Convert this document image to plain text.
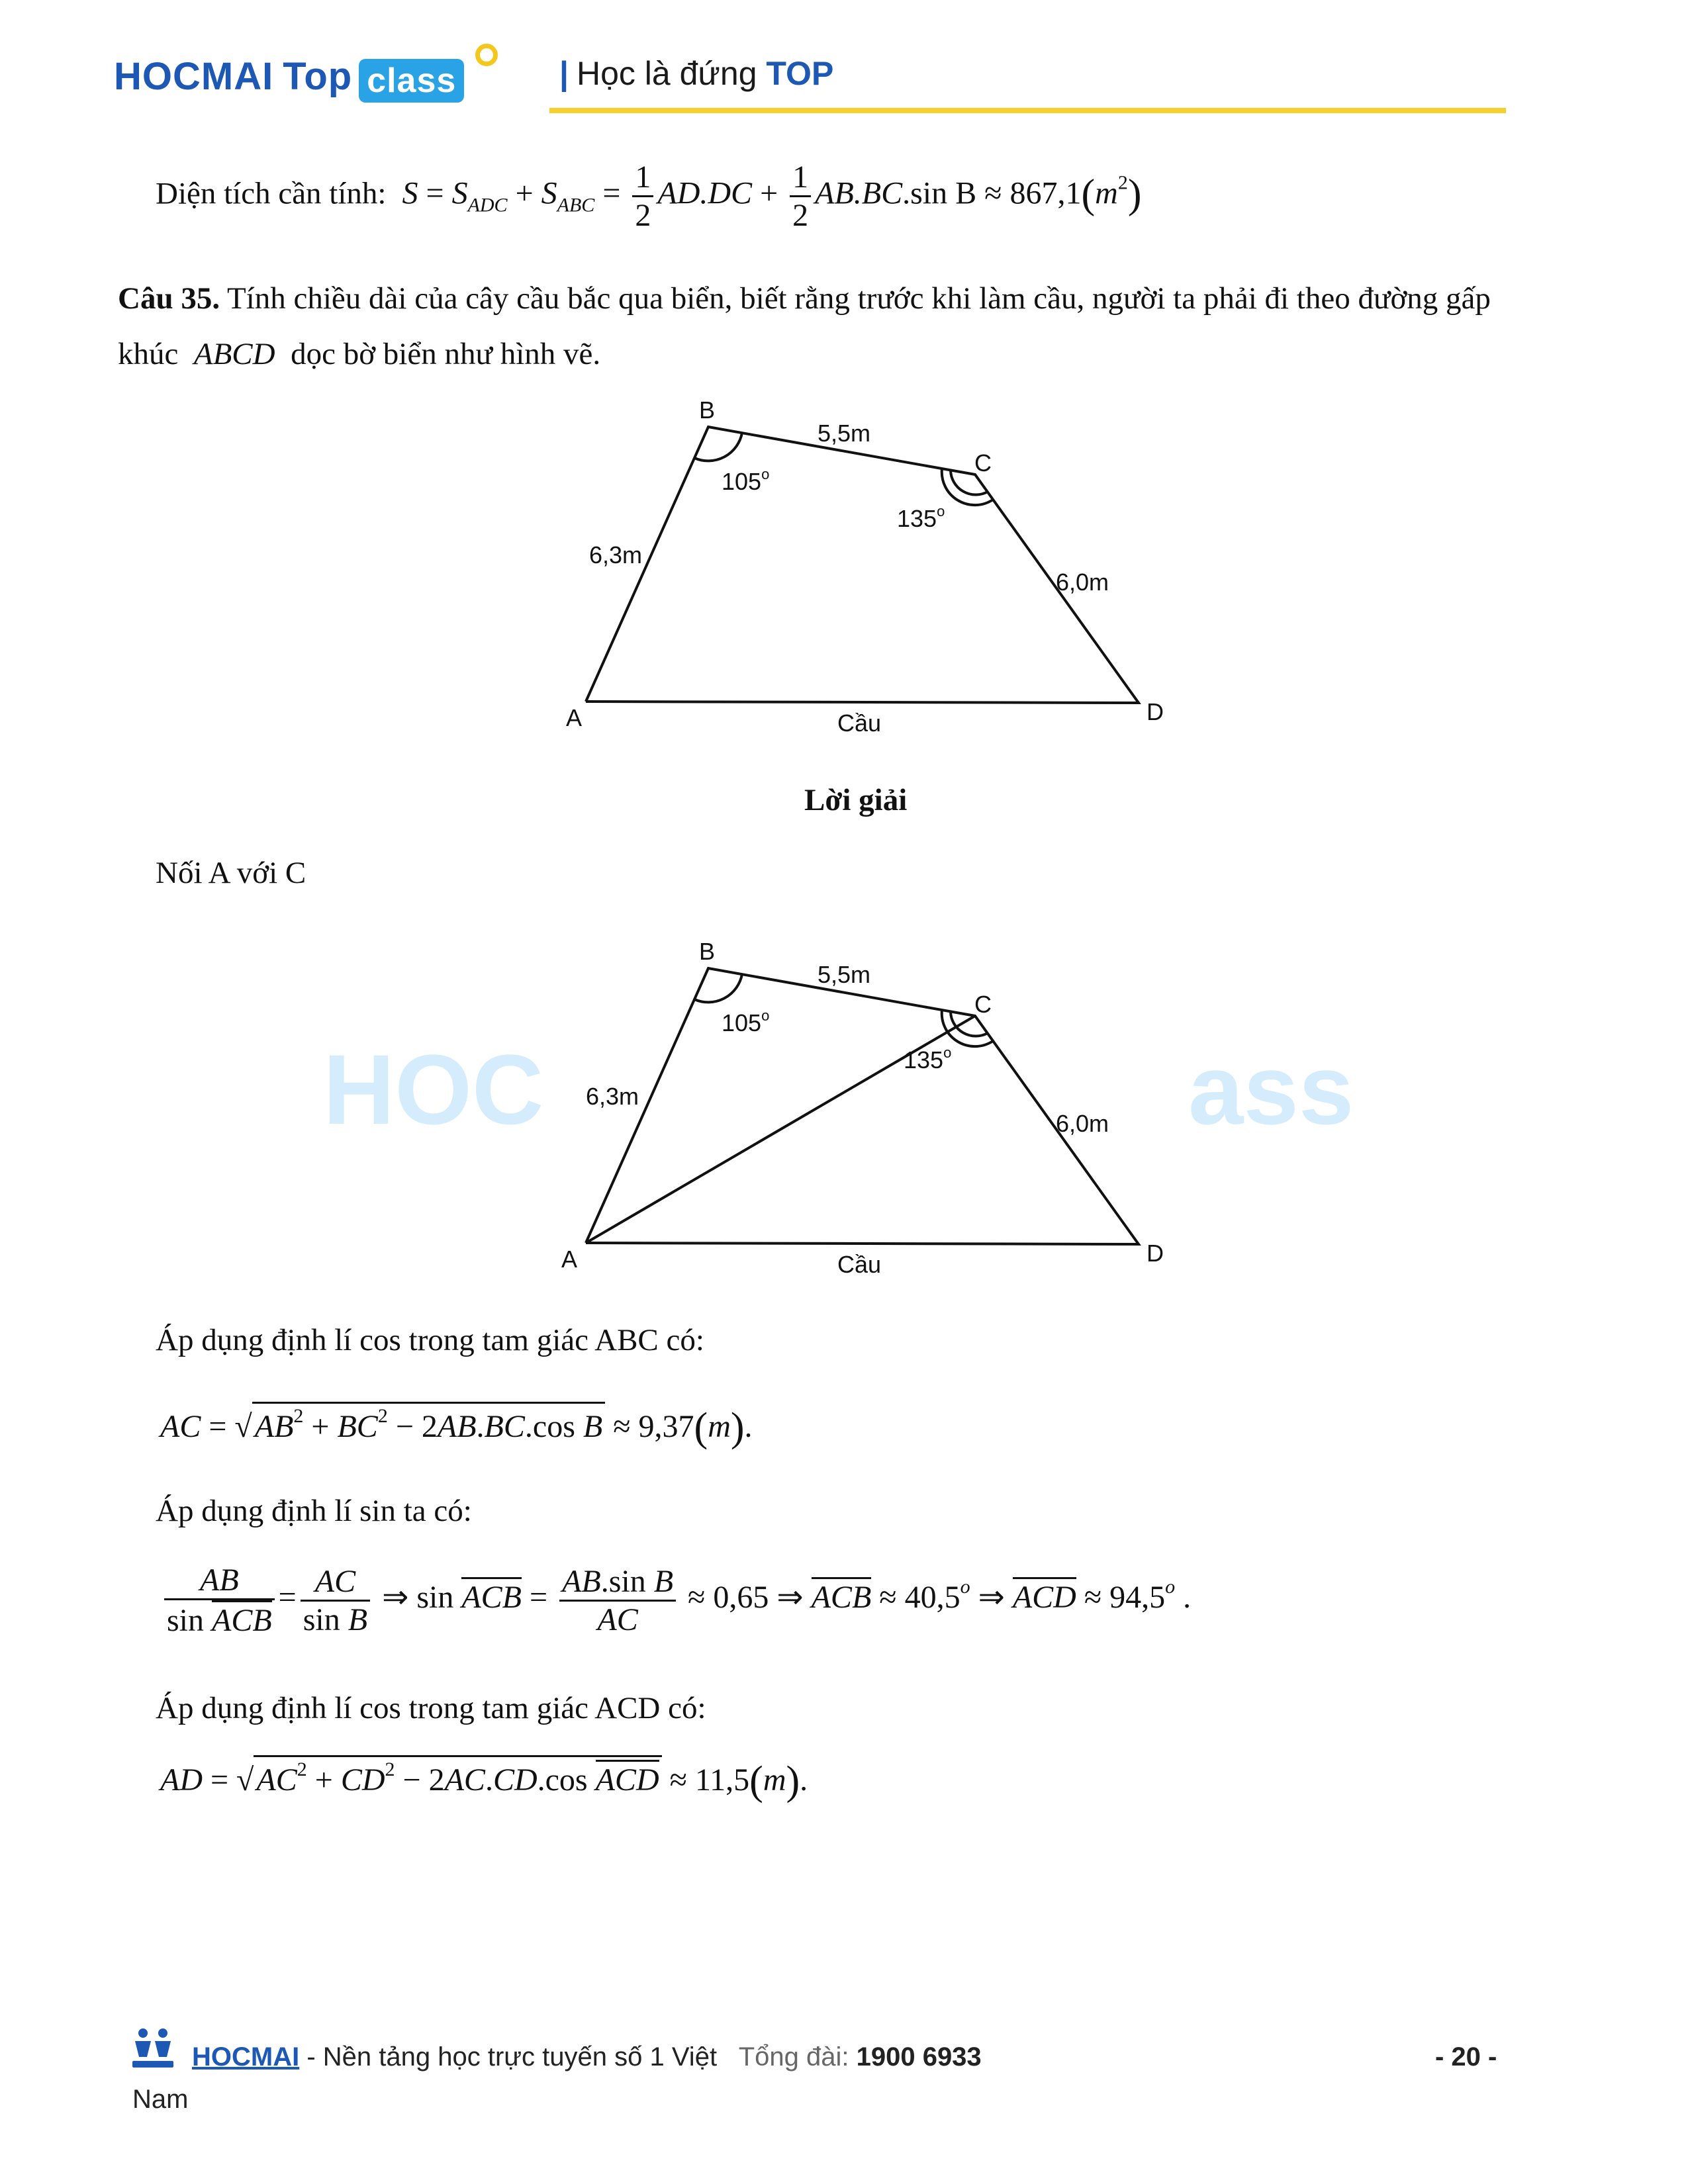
HOCMAI Top class	| Học là đứng TOP
Diện tích cần tính: $S = S_{ADC} + S_{ABC} = \frac{1}{2} AD.DC + \frac{1}{2} AB.BC.\sin$ $B \approx 867,1(m^2)$
Câu 35. Tính chiều dài của cây cầu bắc qua biển, biết rằng trước khi làm cầu, người ta phải đi theo đường gấp
khúc ABCD dọc bờ biển như hình vẽ.
B
C
A	D
5,5m
6,3m
6,0m
Cầu
105$^o$
135$^o$
Lời giải
Nối A với C
HOC	ass
B
C
A	D
5,5m
6,3m
6,0m
Cầu
105$^o$
135$^o$
Áp dụng định lí cos trong tam giác ABC có:
AC = $√AB^2 + BC^2 - 2AB.BC.\cos$ B ≈ 9,37(m).
Áp dụng định lí sin ta có:
$\frac{AB}{\text{sin ACB}} = \frac{AC}{\text{sin B}}$ ⇒ sin ACB = $\frac{\text{AB.sin B}}{AC} \approx 0,65$ ⇒ ACB ≈ $40,5^o$ ⇒ ACD ≈ $94,5^o$ .
Áp dụng định lí cos trong tam giác ACD có:
AD = $√AC^2 + CD^2 - 2AC.CD.\cos$ ACD ≈ 11,5(m).
HOCMAI - Nền tảng học trực tuyến số 1 Việt Tổng đài: 1900 6933	- 20 -
Nam
